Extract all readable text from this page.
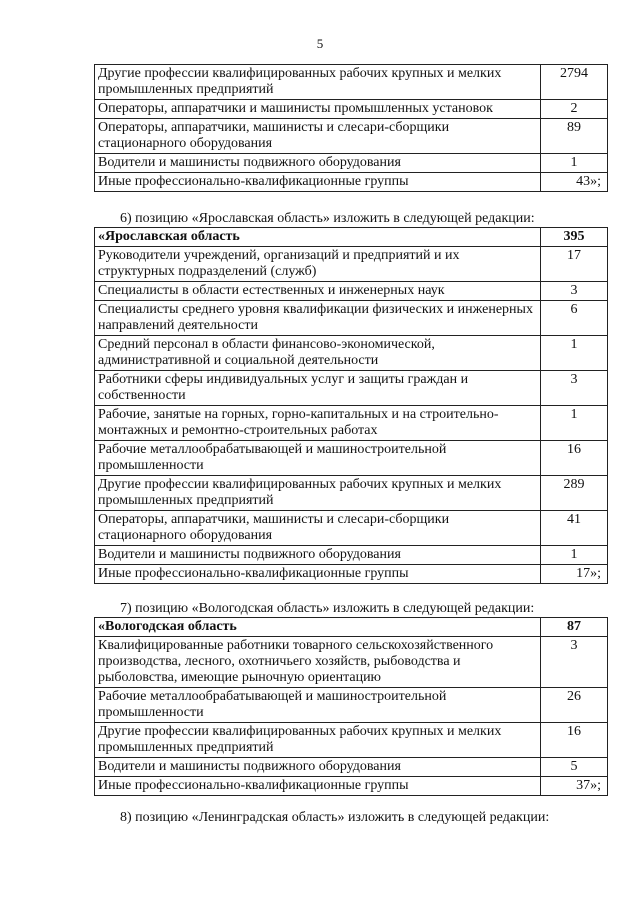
5
Другие профессии квалифицированных рабочих крупных и мелких промышленных предприятий	2794
Операторы, аппаратчики и машинисты промышленных установок	2
Операторы, аппаратчики, машинисты и слесари-сборщики стационарного оборудования	89
Водители и машинисты подвижного оборудования	1
Иные профессионально-квалификационные группы	43»;
6) позицию «Ярославская область» изложить в следующей редакции:
«Ярославская область	395
Руководители учреждений, организаций и предприятий и их структурных подразделений (служб)	17
Специалисты в области естественных и инженерных наук	3
Специалисты среднего уровня квалификации физических и инженерных направлений деятельности	6
Средний персонал в области финансово-экономической, административной и социальной деятельности	1
Работники сферы индивидуальных услуг и защиты граждан и собственности	3
Рабочие, занятые на горных, горно-капитальных и на строительно-монтажных и ремонтно-строительных работах	1
Рабочие металлообрабатывающей и машиностроительной промышленности	16
Другие профессии квалифицированных рабочих крупных и мелких промышленных предприятий	289
Операторы, аппаратчики, машинисты и слесари-сборщики стационарного оборудования	41
Водители и машинисты подвижного оборудования	1
Иные профессионально-квалификационные группы	17»;
7) позицию «Вологодская область» изложить в следующей редакции:
«Вологодская область	87
Квалифицированные работники товарного сельскохозяйственного производства, лесного, охотничьего хозяйств, рыбоводства и рыболовства, имеющие рыночную ориентацию	3
Рабочие металлообрабатывающей и машиностроительной промышленности	26
Другие профессии квалифицированных рабочих крупных и мелких промышленных предприятий	16
Водители и машинисты подвижного оборудования	5
Иные профессионально-квалификационные группы	37»;
8) позицию «Ленинградская область» изложить в следующей редакции:
